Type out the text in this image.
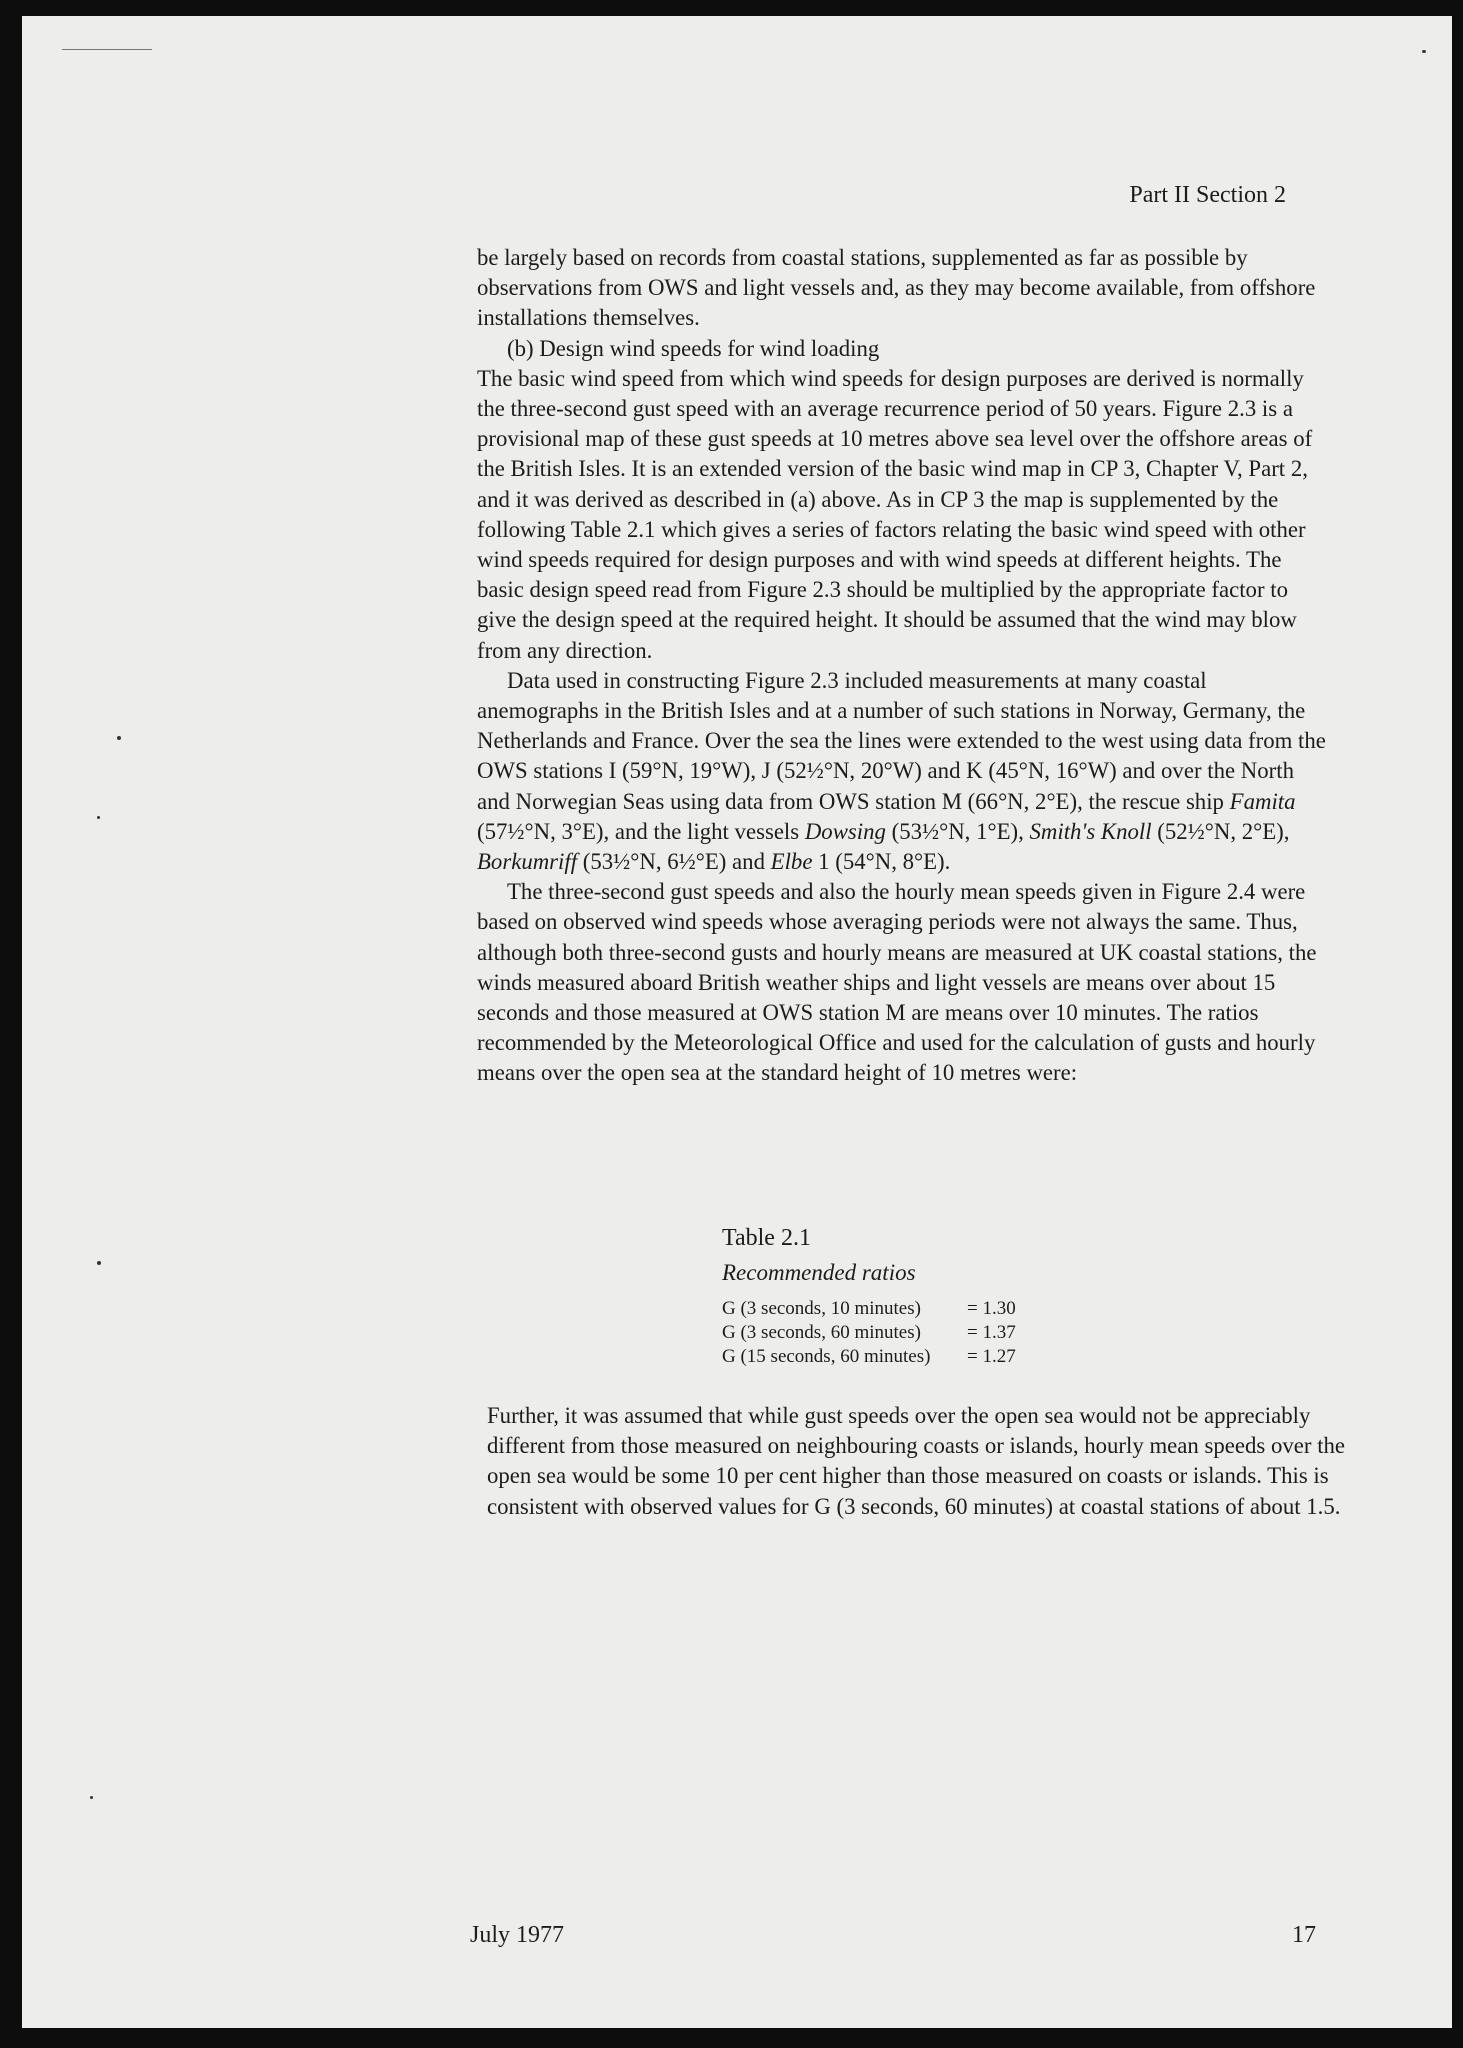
Part II Section 2

be largely based on records from coastal stations, supplemented as far as possible by observations from OWS and light vessels and, as they may become available, from offshore installations themselves.

(b) Design wind speeds for wind loading

The basic wind speed from which wind speeds for design purposes are derived is normally the three-second gust speed with an average recurrence period of 50 years. Figure 2.3 is a provisional map of these gust speeds at 10 metres above sea level over the offshore areas of the British Isles. It is an extended version of the basic wind map in CP 3, Chapter V, Part 2, and it was derived as described in (a) above. As in CP 3 the map is supplemented by the following Table 2.1 which gives a series of factors relating the basic wind speed with other wind speeds required for design purposes and with wind speeds at different heights. The basic design speed read from Figure 2.3 should be multiplied by the appropriate factor to give the design speed at the required height. It should be assumed that the wind may blow from any direction.

Data used in constructing Figure 2.3 included measurements at many coastal anemographs in the British Isles and at a number of such stations in Norway, Germany, the Netherlands and France. Over the sea the lines were extended to the west using data from the OWS stations I (59°N, 19°W), J (52½°N, 20°W) and K (45°N, 16°W) and over the North and Norwegian Seas using data from OWS station M (66°N, 2°E), the rescue ship Famita (57½°N, 3°E), and the light vessels Dowsing (53½°N, 1°E), Smith's Knoll (52½°N, 2°E), Borkumriff (53½°N, 6½°E) and Elbe 1 (54°N, 8°E).

The three-second gust speeds and also the hourly mean speeds given in Figure 2.4 were based on observed wind speeds whose averaging periods were not always the same. Thus, although both three-second gusts and hourly means are measured at UK coastal stations, the winds measured aboard British weather ships and light vessels are means over about 15 seconds and those measured at OWS station M are means over 10 minutes. The ratios recommended by the Meteorological Office and used for the calculation of gusts and hourly means over the open sea at the standard height of 10 metres were:

Table 2.1
Recommended ratios
G (3 seconds, 10 minutes)	= 1.30
G (3 seconds, 60 minutes)	= 1.37
G (15 seconds, 60 minutes)	= 1.27

Further, it was assumed that while gust speeds over the open sea would not be appreciably different from those measured on neighbouring coasts or islands, hourly mean speeds over the open sea would be some 10 per cent higher than those measured on coasts or islands. This is consistent with observed values for G (3 seconds, 60 minutes) at coastal stations of about 1.5.

July 1977	17
